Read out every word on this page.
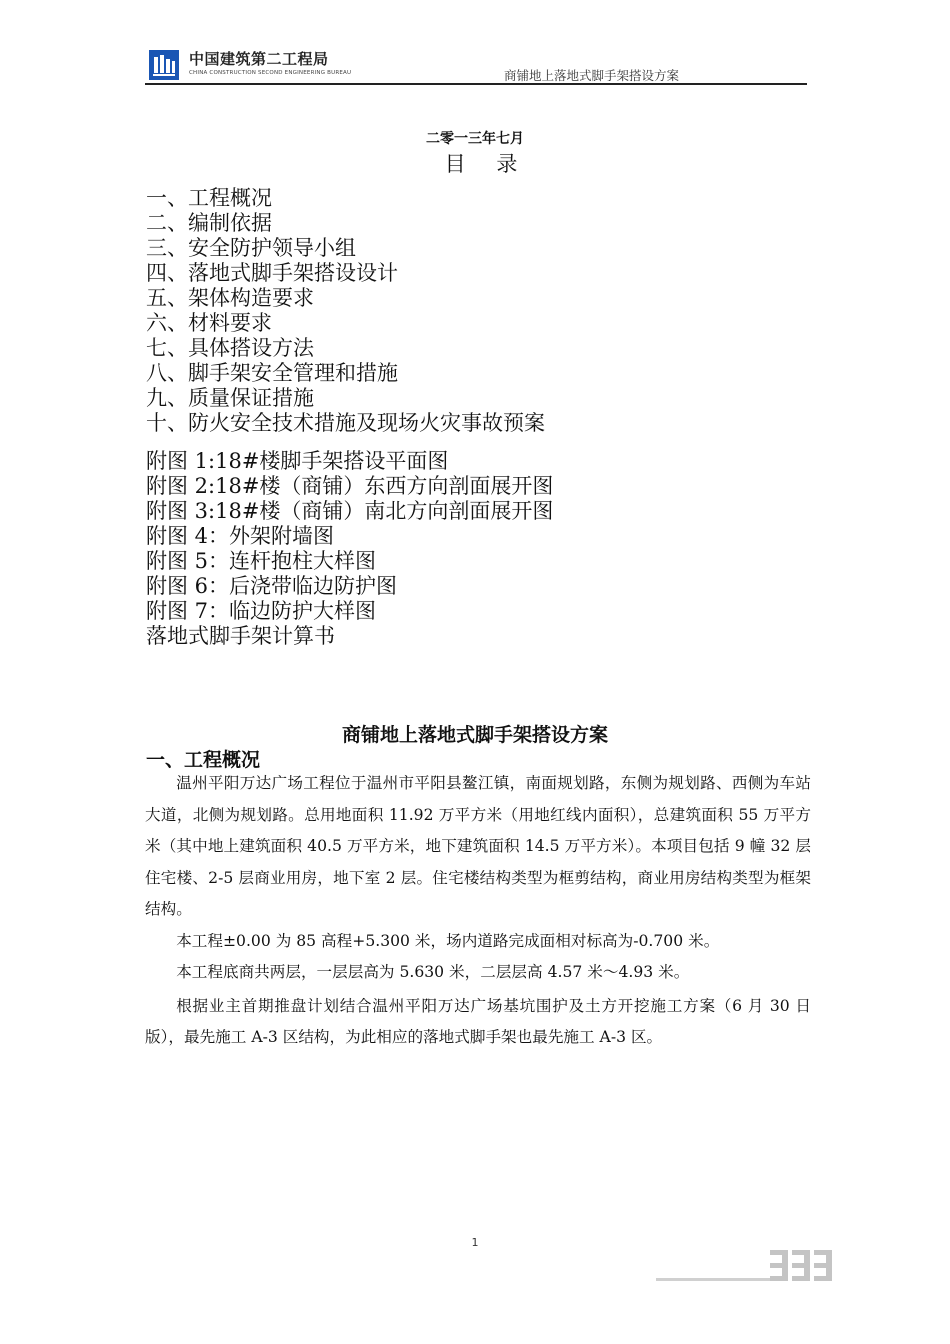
中国建筑第二工程局
CHINA CONSTRUCTION SECOND ENGINEERING BUREAU	商铺地上落地式脚手架搭设方案
二零一三年七月
目 录
一、工程概况
二、编制依据
三、安全防护领导小组
四、落地式脚手架搭设设计
五、架体构造要求
六、材料要求
七、具体搭设方法
八、脚手架安全管理和措施
九、质量保证措施
十、防火安全技术措施及现场火灾事故预案
附图 1:18#楼脚手架搭设平面图
附图 2:18#楼（商铺）东西方向剖面展开图
附图 3:18#楼（商铺）南北方向剖面展开图
附图 4：外架附墙图
附图 5：连杆抱柱大样图
附图 6：后浇带临边防护图
附图 7：临边防护大样图
落地式脚手架计算书
商铺地上落地式脚手架搭设方案
一、工程概况

温州平阳万达广场工程位于温州市平阳县鳌江镇，南面规划路，东侧为规划路、西侧为车站大道，北侧为规划路。总用地面积 11.92 万平方米（用地红线内面积），总建筑面积 55 万平方米（其中地上建筑面积 40.5 万平方米，地下建筑面积 14.5 万平方米）。本项目包括 9 幢 32 层住宅楼、2-5 层商业用房，地下室 2 层。住宅楼结构类型为框剪结构，商业用房结构类型为框架结构。

本工程±0.00 为 85 高程+5.300 米，场内道路完成面相对标高为-0.700 米。

本工程底商共两层，一层层高为 5.630 米，二层层高 4.57 米～4.93 米。

根据业主首期推盘计划结合温州平阳万达广场基坑围护及土方开挖施工方案（6 月 30 日版），最先施工 A-3 区结构，为此相应的落地式脚手架也最先施工 A-3 区。

1
